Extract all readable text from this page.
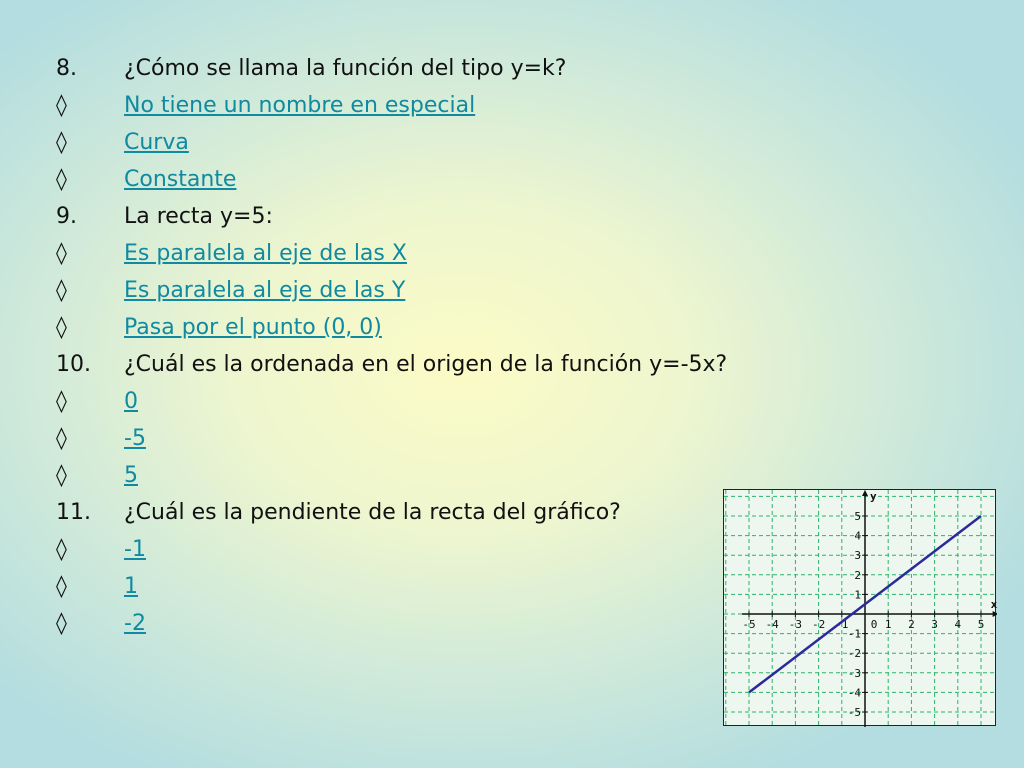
8. ¿Cómo se llama la función del tipo y=k?
◊	No tiene un nombre en especial
◊	Curva
◊	Constante
9. La recta y=5:
◊	Es paralela al eje de las X
◊	Es paralela al eje de las Y
◊	Pasa por el punto (0, 0)
10. ¿Cuál es la ordenada en el origen de la función y=-5x?
◊	0
◊	-5
◊	5
11. ¿Cuál es la pendiente de la recta del gráfico?
◊	-1
◊	1
◊	-2
x
y
-5 -4 -3 -2 -1 0 1 2 3 4 5
5
4
3
2
1
-1
-2
-3
-4
-5
